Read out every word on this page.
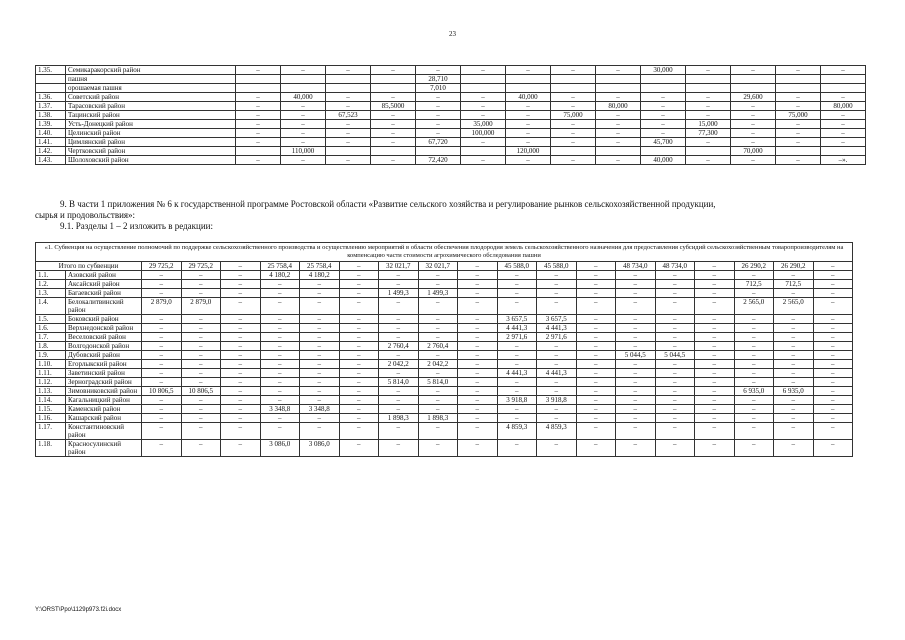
23
1.35.	Семикаракорский район	–	–	–	–	–	–	–	–	–	30,000	–	–	–	–
	пашня					28,710									
	орошаемая пашня					7,010									
1.36.	Советский район	–	40,000	–	–	–	–	40,000	–	–	–	–	29,600	–	–
1.37.	Тарасовский район	–	–	–	85,5000	–	–	–	–	80,000	–	–	–	–	80,000
1.38.	Тацинский район	–	–	67,523	–	–	–	–	75,000	–	–	–	–	75,000	–
1.39.	Усть-Донецкий район	–	–	–	–	–	35,000	–	–	–	–	15,000	–	–	–
1.40.	Целинский район	–	–	–	–	–	100,000	–	–	–	–	77,300	–	–	–
1.41.	Цимлянский район	–	–	–	–	67,720	–	–	–	–	45,700	–	–	–	–
1.42.	Чертковский район		110,000					120,000					70,000		
1.43.	Шолоховский район	–	–	–	–	72,420	–	–	–	–	40,000	–	–	–	–».
9. В части 1 приложения № 6 к государственной программе Ростовской области «Развитие сельского хозяйства и регулирование рынков сельскохозяйственной продукции,
сырья и продовольствия»:
9.1. Разделы 1 – 2 изложить в редакции:
«1. Субвенция на осуществление полномочий по поддержке сельскохозяйственного производства и осуществлению мероприятий в области обеспечения плодородия земель сельскохозяйственного назначения для предоставления субсидий сельскохозяйственным товаропроизводителям на компенсацию части стоимости агрохимического обследования пашни																			
Итого по субвенции		29 725,2	29 725,2	–	25 758,4	25 758,4	–	32 021,7	32 021,7	–	45 588,0	45 588,0	–	48 734,0	48 734,0	–	26 290,2	26 290,2	–
1.1.	Азовский район	–	–	–	4 180,2	4 180,2	–	–	–	–	–	–	–	–	–	–	–	–	–
1.2.	Аксайский район	–	–	–	–	–	–	–	–	–	–	–	–	–	–	–	712,5	712,5	–
1.3.	Багаевский район	–	–	–	–	–	–	1 499,3	1 499,3	–	–	–	–	–	–	–	–	–	–
1.4.	Белокалитвинский район	2 879,0	2 879,0	–	–	–	–	–	–	–	–	–	–	–	–	–	2 565,0	2 565,0	–
1.5.	Боковский район	–	–	–	–	–	–	–	–	–	3 657,5	3 657,5	–	–	–	–	–	–	–
1.6.	Верхнедонской район	–	–	–	–	–	–	–	–	–	4 441,3	4 441,3	–	–	–	–	–	–	–
1.7.	Веселовский район	–	–	–	–	–	–	–	–	–	2 971,6	2 971,6	–	–	–	–	–	–	–
1.8.	Волгодонской район	–	–	–	–	–	–	2 760,4	2 760,4	–	–	–	–	–	–	–	–	–	–
1.9.	Дубовский район	–	–	–	–	–	–	–	–	–	–	–	–	5 044,5	5 044,5	–	–	–	–
1.10.	Егорлыкский район	–	–	–	–	–	–	2 042,2	2 042,2	–	–	–	–	–	–	–	–	–	–
1.11.	Заветинский район	–	–	–	–	–	–	–	–	–	4 441,3	4 441,3	–	–	–	–	–	–	–
1.12.	Зерноградский район	–	–	–	–	–	–	5 814,0	5 814,0	–	–	–	–	–	–	–	–	–	–
1.13.	Зимовниковский район	10 806,5	10 806,5	–	–	–	–	–	–	–	–	–	–	–	–	–	6 935,0	6 935,0	–
1.14.	Кагальницкий район	–	–	–	–	–	–	–	–	–	3 918,8	3 918,8	–	–	–	–	–	–	–
1.15.	Каменский район	–	–	–	3 348,8	3 348,8	–	–	–	–	–	–	–	–	–	–	–	–	–
1.16.	Кашарский район	–	–	–	–	–	–	1 898,3	1 898,3	–	–	–	–	–	–	–	–	–	–
1.17.	Константиновский район	–	–	–	–	–	–	–	–	–	4 859,3	4 859,3	–	–	–	–	–	–	–
1.18.	Красносулинский район	–	–	–	3 086,0	3 086,0	–	–	–	–	–	–	–	–	–	–	–	–	–
Y:\ORST\Ppo\1129p973.f2i.docx
